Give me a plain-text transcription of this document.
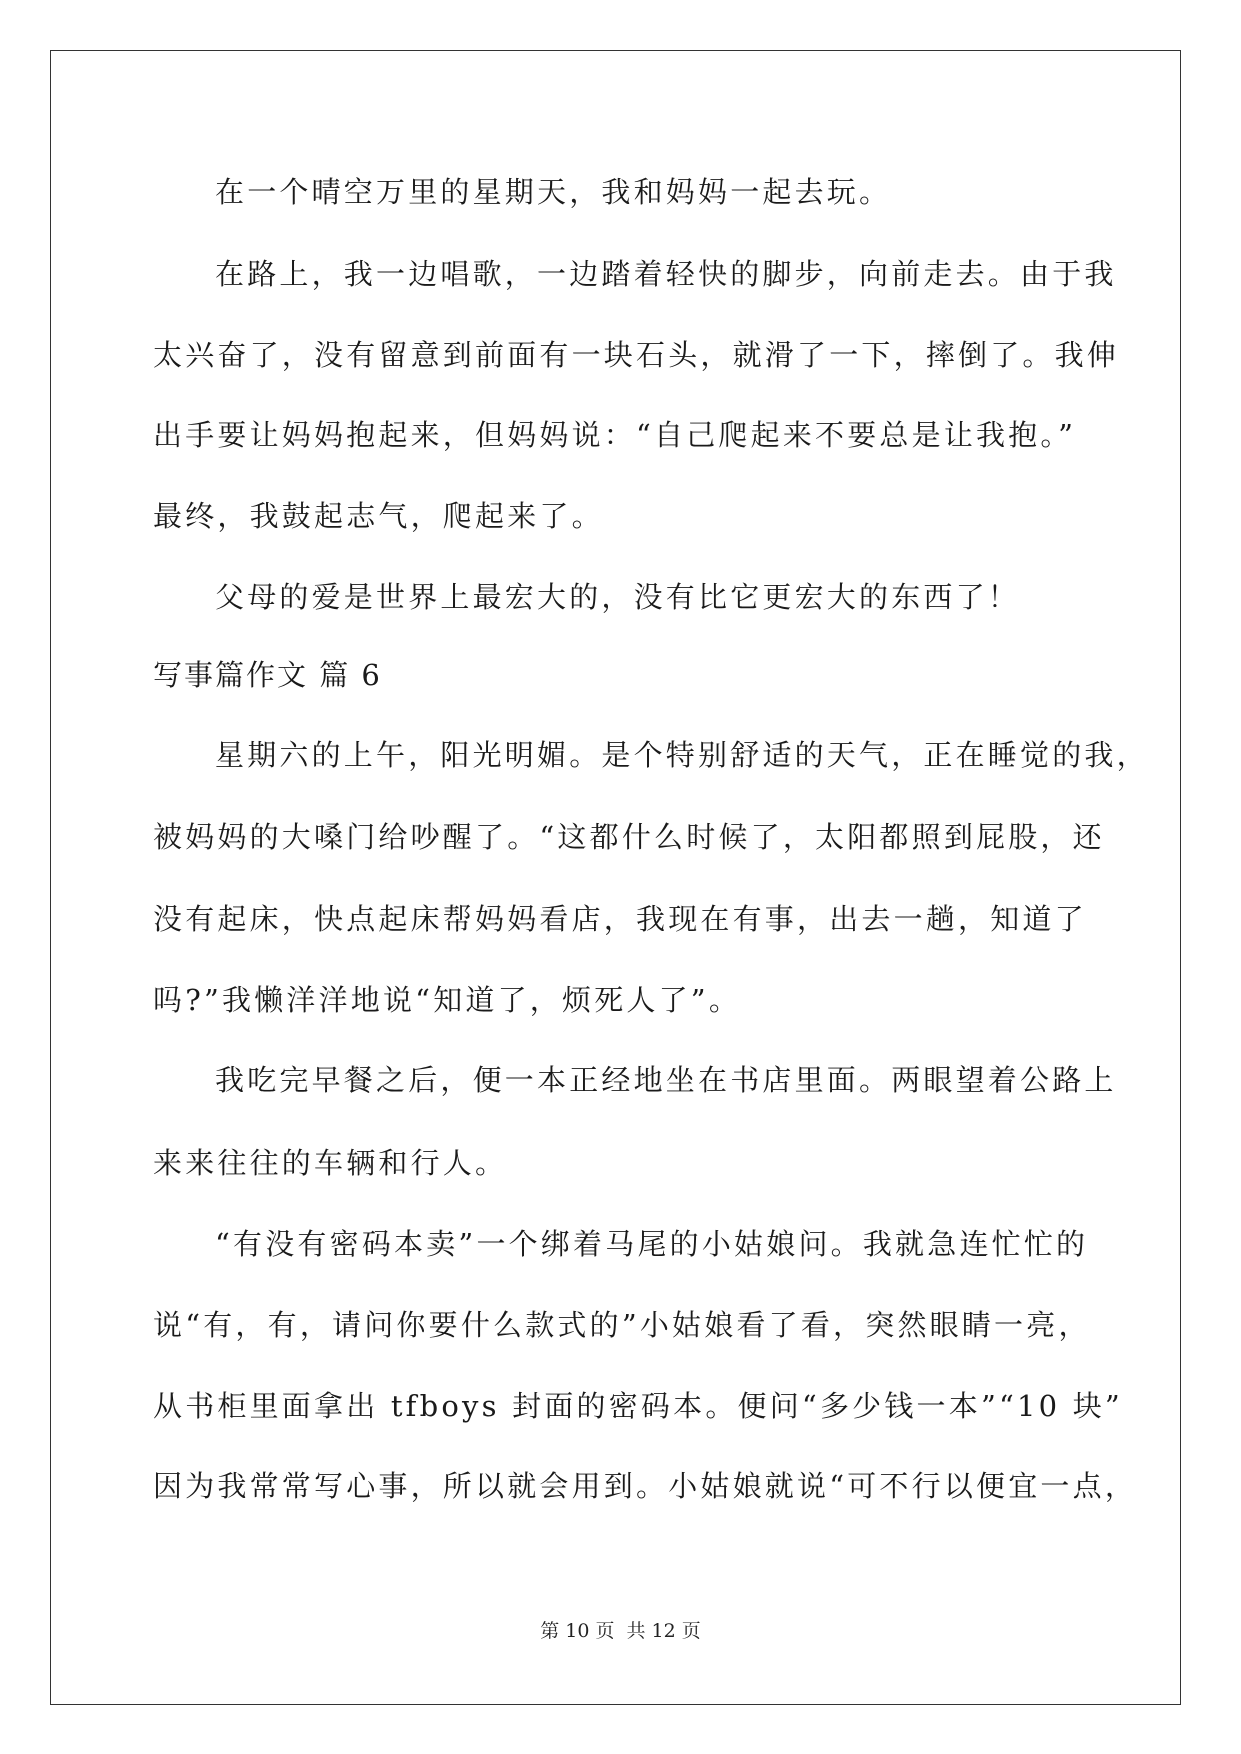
在一个晴空万里的星期天，我和妈妈一起去玩。
在路上，我一边唱歌，一边踏着轻快的脚步，向前走去。由于我
太兴奋了，没有留意到前面有一块石头，就滑了一下，摔倒了。我伸
出手要让妈妈抱起来，但妈妈说：“自己爬起来不要总是让我抱。”
最终，我鼓起志气，爬起来了。
父母的爱是世界上最宏大的，没有比它更宏大的东西了！
写事篇作文 篇 6
星期六的上午，阳光明媚。是个特别舒适的天气，正在睡觉的我，
被妈妈的大嗓门给吵醒了。“这都什么时候了，太阳都照到屁股，还
没有起床，快点起床帮妈妈看店，我现在有事，出去一趟，知道了
吗?”我懒洋洋地说“知道了，烦死人了”。
我吃完早餐之后，便一本正经地坐在书店里面。两眼望着公路上
来来往往的车辆和行人。
“有没有密码本卖”一个绑着马尾的小姑娘问。我就急连忙忙的
说“有，有，请问你要什么款式的”小姑娘看了看，突然眼睛一亮，
从书柜里面拿出 tfboys 封面的密码本。便问“多少钱一本”“10 块”
因为我常常写心事，所以就会用到。小姑娘就说“可不行以便宜一点，
第 10 页 共 12 页
